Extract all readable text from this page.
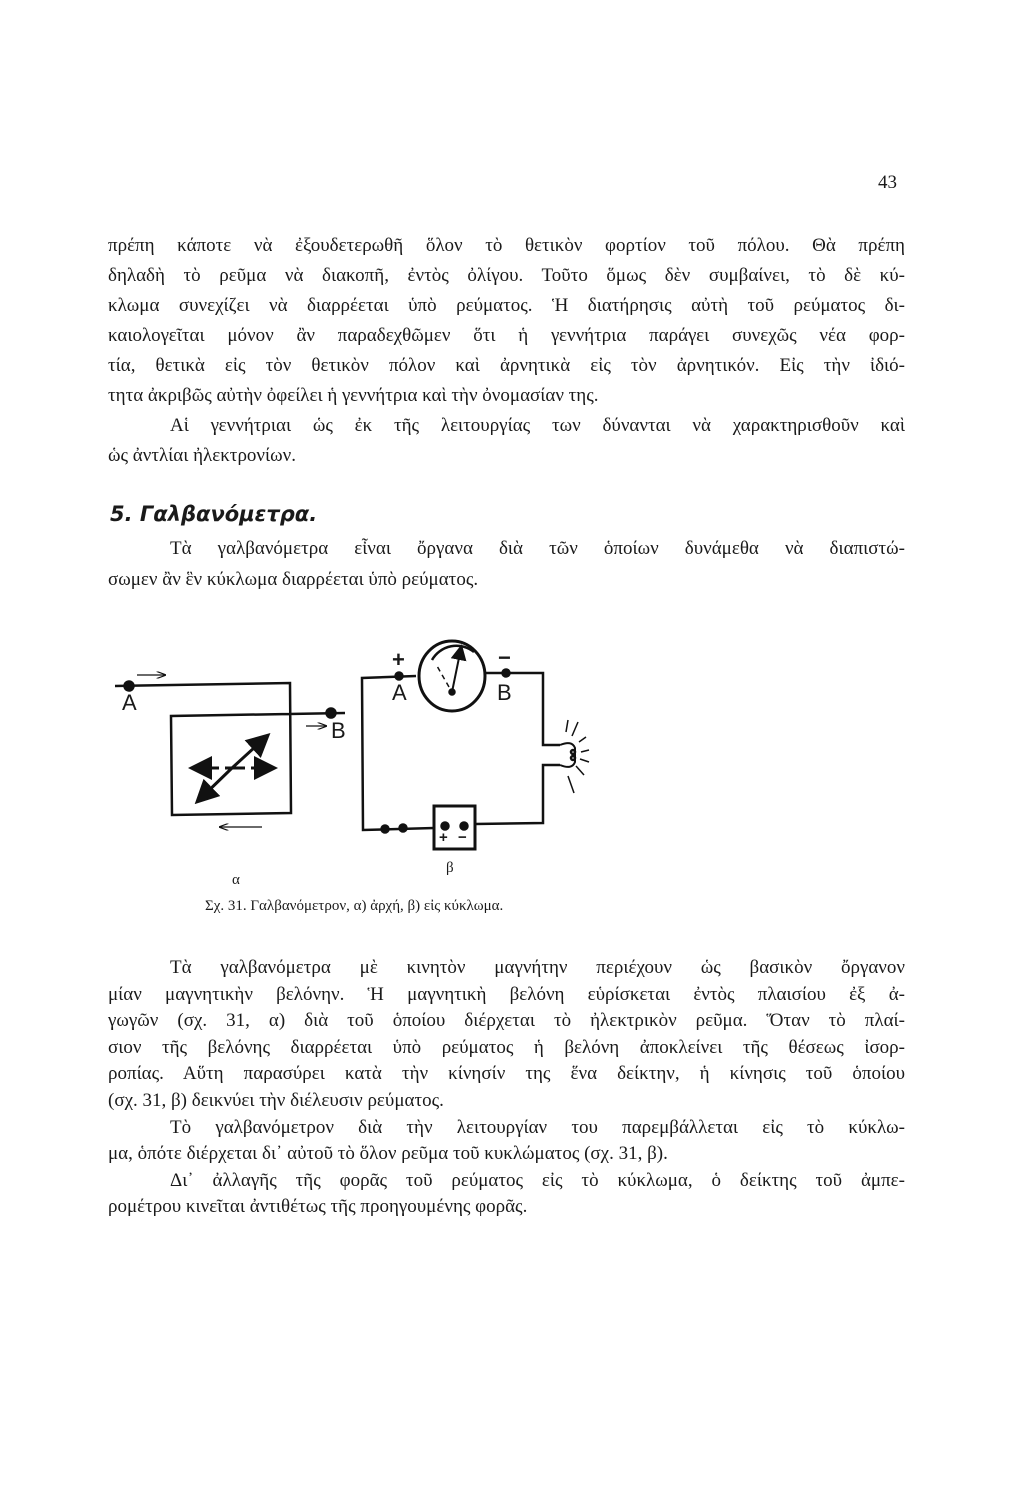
43
πρέπη κάποτε νὰ ἐξουδετερωθῆ ὅλον τὸ θετικὸν φορτίον τοῦ πόλου. Θὰ πρέπη
δηλαδὴ τὸ ρεῦμα νὰ διακοπῆ, ἐντὸς ὀλίγου. Τοῦτο ὅμως δὲν συμβαίνει, τὸ δὲ κύ-
κλωμα συνεχίζει νὰ διαρρέεται ὑπὸ ρεύματος. Ἡ διατήρησις αὐτὴ τοῦ ρεύματος δι-
καιολογεῖται μόνον ἂν παραδεχθῶμεν ὅτι ἡ γεννήτρια παράγει συνεχῶς νέα φορ-
τία, θετικὰ εἰς τὸν θετικὸν πόλον καὶ ἀρνητικὰ εἰς τὸν ἀρνητικόν. Εἰς τὴν ἰδιό-
τητα ἀκριβῶς αὐτὴν ὀφείλει ἡ γεννήτρια καὶ τὴν ὀνομασίαν της.
Αἱ γεννήτριαι ὡς ἐκ τῆς λειτουργίας των δύνανται νὰ χαρακτηρισθοῦν καὶ
ὡς ἀντλίαι ἠλεκτρονίων.
5. Γαλβανόμετρα.
Τὰ γαλβανόμετρα εἶναι ὄργανα διὰ τῶν ὁποίων δυνάμεθα νὰ διαπιστώ-
σωμεν ἂν ἓν κύκλωμα διαρρέεται ὑπὸ ρεύματος.
A
B
A	B
+	−
+ −
α
β
Σχ. 31. Γαλβανόμετρον, α) ἀρχή, β) εἰς κύκλωμα.
Τὰ γαλβανόμετρα μὲ κινητὸν μαγνήτην περιέχουν ὡς βασικὸν ὄργανον
μίαν μαγνητικὴν βελόνην. Ἡ μαγνητικὴ βελόνη εὑρίσκεται ἐντὸς πλαισίου ἐξ ἀ-
γωγῶν (σχ. 31, α) διὰ τοῦ ὁποίου διέρχεται τὸ ἠλεκτρικὸν ρεῦμα. Ὅταν τὸ πλαί-
σιον τῆς βελόνης διαρρέεται ὑπὸ ρεύματος ἡ βελόνη ἀποκλείνει τῆς θέσεως ἰσορ-
ροπίας. Αὕτη παρασύρει κατὰ τὴν κίνησίν της ἕνα δείκτην, ἡ κίνησις τοῦ ὁποίου
(σχ. 31, β) δεικνύει τὴν διέλευσιν ρεύματος.
Τὸ γαλβανόμετρον διὰ τὴν λειτουργίαν του παρεμβάλλεται εἰς τὸ κύκλω-
μα, ὁπότε διέρχεται δι᾽ αὐτοῦ τὸ ὅλον ρεῦμα τοῦ κυκλώματος (σχ. 31, β).
Δι᾽ ἀλλαγῆς τῆς φορᾶς τοῦ ρεύματος εἰς τὸ κύκλωμα, ὁ δείκτης τοῦ ἀμπε-
ρομέτρου κινεῖται ἀντιθέτως τῆς προηγουμένης φορᾶς.
